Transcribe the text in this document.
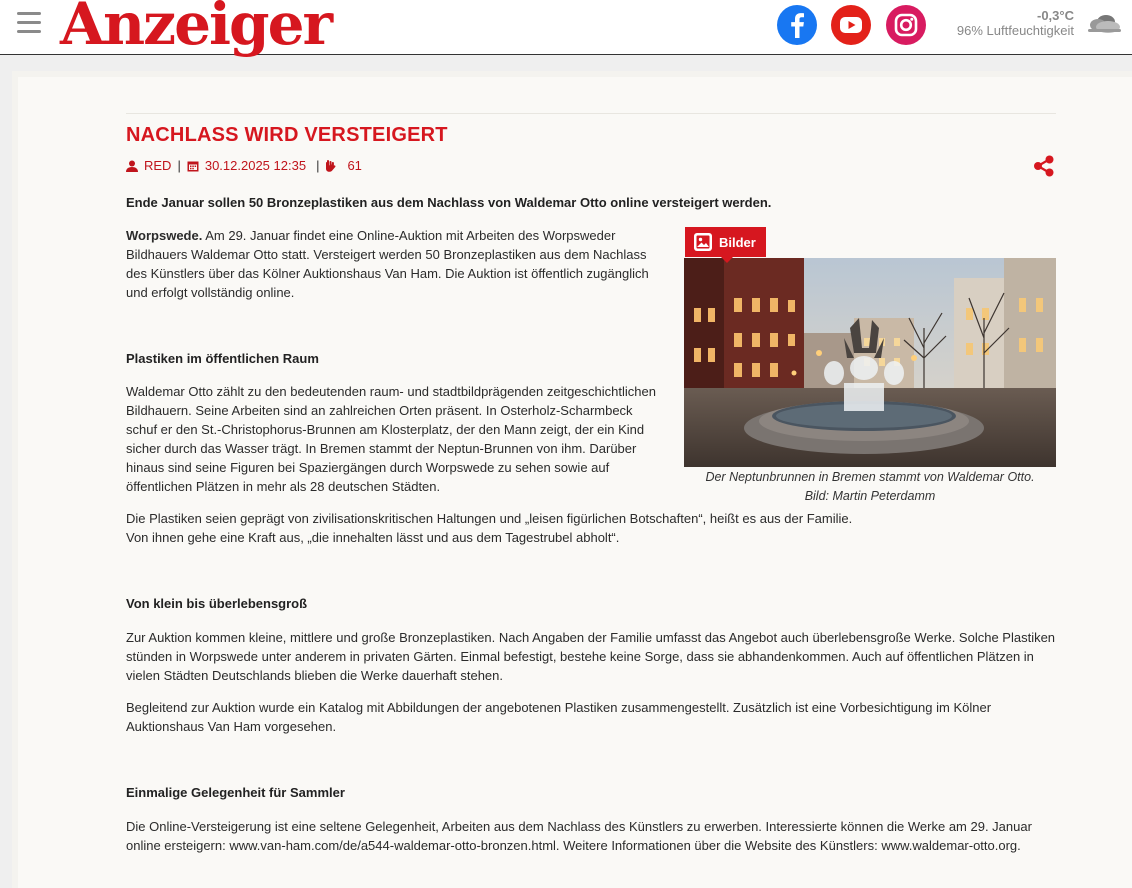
Anzeiger	-0,3°C
96% Luftfeuchtigkeit
NACHLASS WIRD VERSTEIGERT
RED | 30.12.2025 12:35 | 61

Ende Januar sollen 50 Bronzeplastiken aus dem Nachlass von Waldemar Otto online versteigert werden.

Worpswede. Am 29. Januar findet eine Online-Auktion mit Arbeiten des Worpsweder Bildhauers Waldemar Otto statt. Versteigert werden 50 Bronzeplastiken aus dem Nachlass des Künstlers über das Kölner Auktionshaus Van Ham. Die Auktion ist öffentlich zugänglich und erfolgt vollständig online.

Plastiken im öffentlichen Raum

Waldemar Otto zählt zu den bedeutenden raum- und stadtbildprägenden zeitgeschichtlichen Bildhauern. Seine Arbeiten sind an zahlreichen Orten präsent. In Osterholz-Scharmbeck schuf er den St.-Christophorus-Brunnen am Klosterplatz, der den Mann zeigt, der ein Kind sicher durch das Wasser trägt. In Bremen stammt der Neptun-Brunnen von ihm. Darüber hinaus sind seine Figuren bei Spaziergängen durch Worpswede zu sehen sowie auf öffentlichen Plätzen in mehr als 28 deutschen Städten.

Die Plastiken seien geprägt von zivilisationskritischen Haltungen und „leisen figürlichen Botschaften“, heißt es aus der Familie. Von ihnen gehe eine Kraft aus, „die innehalten lässt und aus dem Tagestrubel abholt“.

Von klein bis überlebensgroß

Zur Auktion kommen kleine, mittlere und große Bronzeplastiken. Nach Angaben der Familie umfasst das Angebot auch überlebensgroße Werke. Solche Plastiken stünden in Worpswede unter anderem in privaten Gärten. Einmal befestigt, bestehe keine Sorge, dass sie abhandenkommen. Auch auf öffentlichen Plätzen in vielen Städten Deutschlands blieben die Werke dauerhaft stehen.

Begleitend zur Auktion wurde ein Katalog mit Abbildungen der angebotenen Plastiken zusammengestellt. Zusätzlich ist eine Vorbesichtigung im Kölner Auktionshaus Van Ham vorgesehen.

Einmalige Gelegenheit für Sammler

Die Online-Versteigerung ist eine seltene Gelegenheit, Arbeiten aus dem Nachlass des Künstlers zu erwerben. Interessierte können die Werke am 29. Januar online ersteigern: www.van-ham.com/de/a544-waldemar-otto-bronzen.html. Weitere Informationen über die Website des Künstlers: www.waldemar-otto.org.

Bilder
Der Neptunbrunnen in Bremen stammt von Waldemar Otto.
Bild: Martin Peterdamm
